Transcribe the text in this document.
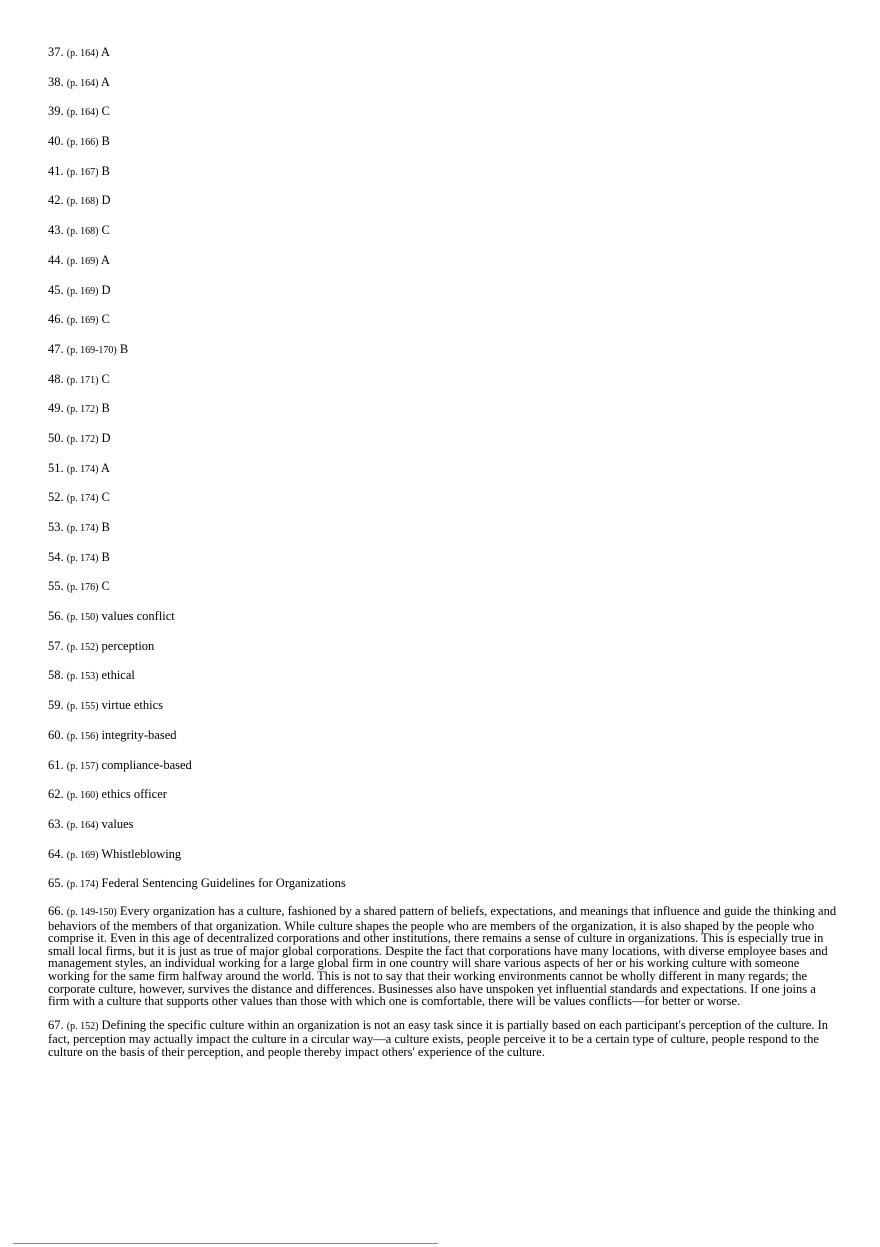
37. (p. 164) A
38. (p. 164) A
39. (p. 164) C
40. (p. 166) B
41. (p. 167) B
42. (p. 168) D
43. (p. 168) C
44. (p. 169) A
45. (p. 169) D
46. (p. 169) C
47. (p. 169-170) B
48. (p. 171) C
49. (p. 172) B
50. (p. 172) D
51. (p. 174) A
52. (p. 174) C
53. (p. 174) B
54. (p. 174) B
55. (p. 176) C
56. (p. 150) values conflict
57. (p. 152) perception
58. (p. 153) ethical
59. (p. 155) virtue ethics
60. (p. 156) integrity-based
61. (p. 157) compliance-based
62. (p. 160) ethics officer
63. (p. 164) values
64. (p. 169) Whistleblowing
65. (p. 174) Federal Sentencing Guidelines for Organizations
66. (p. 149-150) Every organization has a culture, fashioned by a shared pattern of beliefs, expectations, and meanings that influence and guide the thinking and behaviors of the members of that organization. While culture shapes the people who are members of the organization, it is also shaped by the people who comprise it. Even in this age of decentralized corporations and other institutions, there remains a sense of culture in organizations. This is especially true in small local firms, but it is just as true of major global corporations. Despite the fact that corporations have many locations, with diverse employee bases and management styles, an individual working for a large global firm in one country will share various aspects of her or his working culture with someone working for the same firm halfway around the world. This is not to say that their working environments cannot be wholly different in many regards; the corporate culture, however, survives the distance and differences. Businesses also have unspoken yet influential standards and expectations. If one joins a firm with a culture that supports other values than those with which one is comfortable, there will be values conflicts—for better or worse.
67. (p. 152) Defining the specific culture within an organization is not an easy task since it is partially based on each participant's perception of the culture. In fact, perception may actually impact the culture in a circular way—a culture exists, people perceive it to be a certain type of culture, people respond to the culture on the basis of their perception, and people thereby impact others' experience of the culture.
